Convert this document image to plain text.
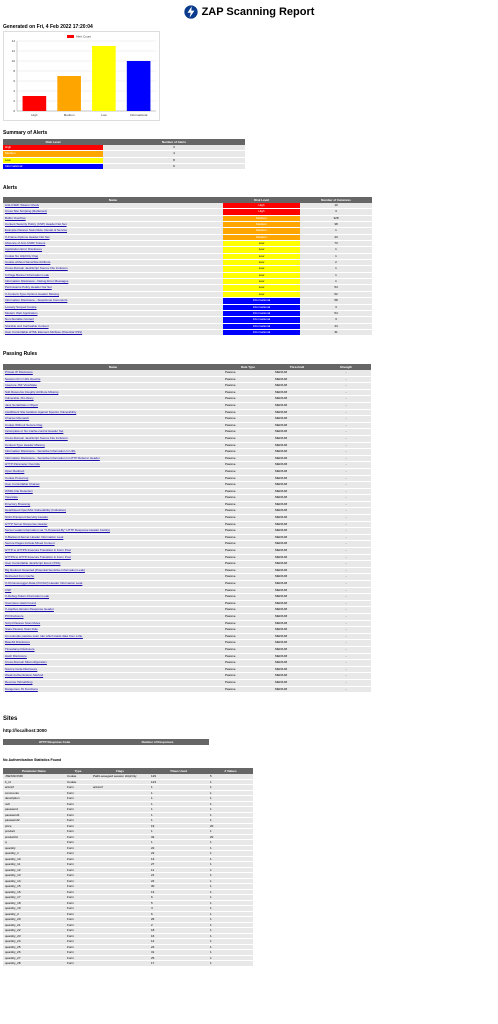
ZAP Scanning Report
Generated on Fri, 4 Feb 2022 17:20:04
0
2
4
6
8
10
12
14
High	Medium	Low	Informational
Alert Count
Summary of Alerts
Risk Level	Number of Alerts
High	3
Medium	4
Low	8
Informational	9
Alerts
Name	Risk Level	Number of Instances
Anti-CSRF Tokens Check	High	10
Cross Site Scripting (Reflected)	High	3
Buffer Overflow	Medium	328
Content Security Policy (CSP) Header Not Set	Medium	38
Example Passive Scan Rule: Denial of Service	Medium	1
X-Frame-Options Header Not Set	Medium	43
Absence of Anti-CSRF Tokens	Low	73
Application Error Disclosure	Low	1
Cookie No HttpOnly Flag	Low	1
Cookie without SameSite Attribute	Low	2
Cross-Domain JavaScript Source File Inclusion	Low	1
In Page Banner Information Leak	Low	1
Information Disclosure - Debug Error Messages	Low	1
Permissions Policy Header Not Set	Low	54
X-Content-Type-Options Header Missing	Low	62
Information Disclosure - Suspicious Comments	Informational	58
Loosely Scoped Cookie	Informational	3
Modern Web Application	Informational	54
Non-Storable Content	Informational	3
Storable and Cacheable Content	Informational	44
User Controllable HTML Element Attribute (Potential XSS)	Informational	31
Passing Rules
Name	Rule Type	Threshold	Strength
Private IP Disclosure	Passive	MEDIUM	-
Session ID in URL Rewrite	Passive	MEDIUM	-
Insecure JSF ViewState	Passive	MEDIUM	-
Sub Resource Integrity Attribute Missing	Passive	MEDIUM	-
Vulnerable JS Library	Passive	MEDIUM	-
Java Serialization Object	Passive	MEDIUM	-
Insufficient Site Isolation Against Spectre Vulnerability	Passive	MEDIUM	-
Charset Mismatch	Passive	MEDIUM	-
Cookie Without Secure Flag	Passive	MEDIUM	-
Incomplete or No Cache-control Header Set	Passive	MEDIUM	-
Cross-Domain JavaScript Source File Inclusion	Passive	MEDIUM	-
Content-Type Header Missing	Passive	MEDIUM	-
Information Disclosure - Sensitive Information in URL	Passive	MEDIUM	-
Information Disclosure - Sensitive Information in HTTP Referrer Header	Passive	MEDIUM	-
HTTP Parameter Override	Passive	MEDIUM	-
Open Redirect	Passive	MEDIUM	-
Cookie Poisoning	Passive	MEDIUM	-
User Controllable Charset	Passive	MEDIUM	-
WSDL File Detection	Passive	MEDIUM	-
Viewstate	Passive	MEDIUM	-
Directory Browsing	Passive	MEDIUM	-
Heartbleed OpenSSL Vulnerability (Indicative)	Passive	MEDIUM	-
Strict-Transport-Security Header	Passive	MEDIUM	-
HTTP Server Response Header	Passive	MEDIUM	-
Server Leaks Information via "X-Powered-By" HTTP Response Header Field(s)	Passive	MEDIUM	-
X-Backend-Server Header Information Leak	Passive	MEDIUM	-
Secure Pages Include Mixed Content	Passive	MEDIUM	-
HTTP to HTTPS Insecure Transition in Form Post	Passive	MEDIUM	-
HTTPS to HTTP Insecure Transition in Form Post	Passive	MEDIUM	-
User Controllable JavaScript Event (XSS)	Passive	MEDIUM	-
Big Redirect Detected (Potential Sensitive Information Leak)	Passive	MEDIUM	-
Retrieved from Cache	Passive	MEDIUM	-
X-ChromeLogger-Data (XCOLD) Header Information Leak	Passive	MEDIUM	-
CSP	Passive	MEDIUM	-
X-Debug-Token Information Leak	Passive	MEDIUM	-
Username Hash Found	Passive	MEDIUM	-
X-AspNet-Version Response Header	Passive	MEDIUM	-
PII Disclosure	Passive	MEDIUM	-
Script Passive Scan Rules	Passive	MEDIUM	-
Stats Passive Scan Rule	Passive	MEDIUM	-
An example passive scan rule which loads data from a file.	Passive	MEDIUM	-
Base64 Disclosure	Passive	MEDIUM	-
Timestamp Disclosure	Passive	MEDIUM	-
Hash Disclosure	Passive	MEDIUM	-
Cross-Domain Misconfiguration	Passive	MEDIUM	-
Source Code Disclosure	Passive	MEDIUM	-
Weak Authentication Method	Passive	MEDIUM	-
Reverse Tabnabbing	Passive	MEDIUM	-
Dangerous JS Functions	Passive	MEDIUM	-
Sites
http://localhost:3000
HTTP Response Code	Number of Responses
No Authentication Statistics Found
Parameter Name	Type	Flags	Times Used	# Values
JSESSIONID	Cookie	PathLoosegeid session HttpOnly	129	5
b_id	Cookie		123	1
antcsrf	Form	anticsrf	1	1
comments	Form		1	1
description	Form		1	1
null	Form		1	1
password	Form		1	1
password1	Form		1	1
password2	Form		1	1
price	Form		19	20
product	Form		1	1
productId	Form		32	20
q	Form		1	1
quantity	Form		22	1
quantity_1	Form		22	1
quantity_10	Form		13	1
quantity_11	Form		27	1
quantity_12	Form		11	1
quantity_13	Form		21	1
quantity_14	Form		22	1
quantity_15	Form		30	1
quantity_16	Form		13	1
quantity_17	Form		6	1
quantity_18	Form		5	1
quantity_19	Form		4	1
quantity_2	Form		6	1
quantity_20	Form		26	1
quantity_21	Form		2	1
quantity_22	Form		18	1
quantity_23	Form		16	1
quantity_24	Form		14	1
quantity_25	Form		22	1
quantity_26	Form		31	1
quantity_27	Form		25	1
quantity_28	Form		17	1
